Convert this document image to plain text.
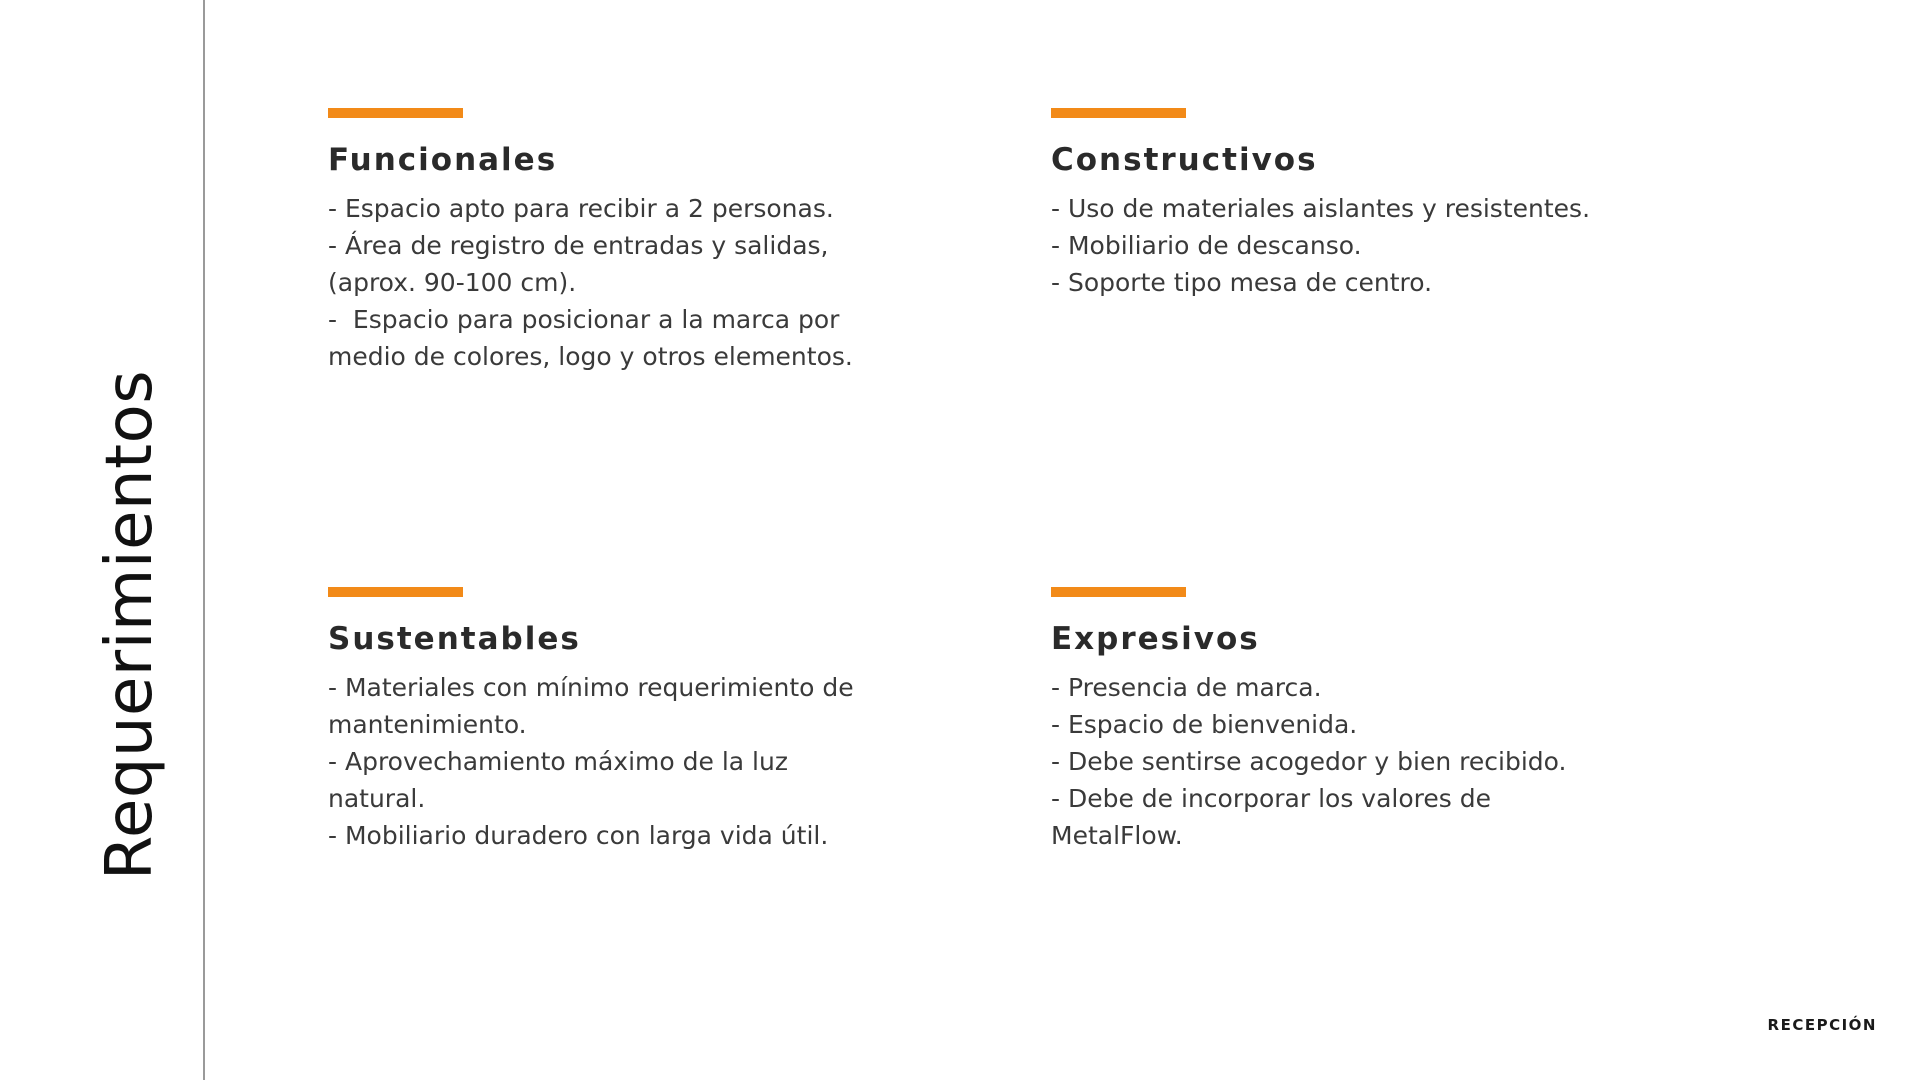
Requerimientos
Funcionales
- Espacio apto para recibir a 2 personas.
- Área de registro de entradas y salidas,
(aprox. 90-100 cm).
-  Espacio para posicionar a la marca por
medio de colores, logo y otros elementos.
Constructivos
- Uso de materiales aislantes y resistentes.
- Mobiliario de descanso.
- Soporte tipo mesa de centro.
Sustentables
- Materiales con mínimo requerimiento de
mantenimiento.
- Aprovechamiento máximo de la luz
natural.
- Mobiliario duradero con larga vida útil.
Expresivos
- Presencia de marca.
- Espacio de bienvenida.
- Debe sentirse acogedor y bien recibido.
- Debe de incorporar los valores de
MetalFlow.
RECEPCIÓN
